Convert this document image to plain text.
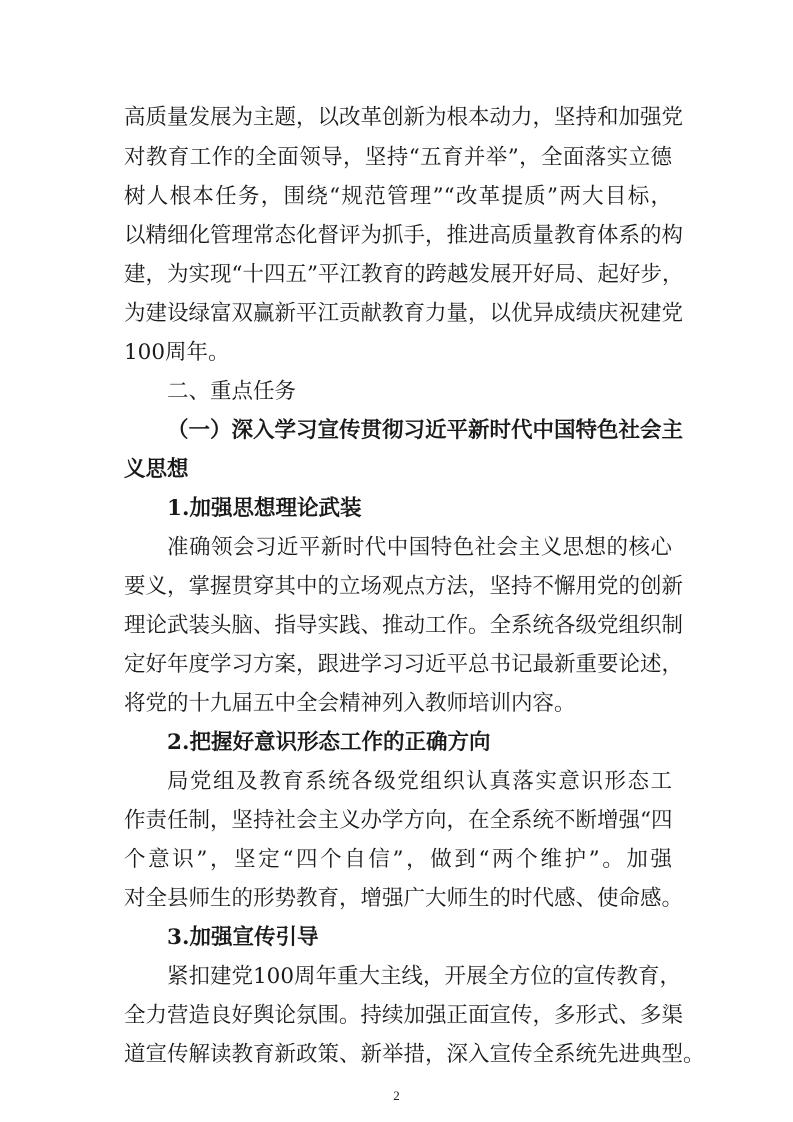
高质量发展为主题，以改革创新为根本动力，坚持和加强党
对教育工作的全面领导，坚持“五育并举”，全面落实立德
树人根本任务，围绕“规范管理”“改革提质”两大目标，
以精细化管理常态化督评为抓手，推进高质量教育体系的构
建，为实现“十四五”平江教育的跨越发展开好局、起好步，
为建设绿富双赢新平江贡献教育力量，以优异成绩庆祝建党
100周年。
二、重点任务
（一）深入学习宣传贯彻习近平新时代中国特色社会主
义思想
1.加强思想理论武装
准确领会习近平新时代中国特色社会主义思想的核心
要义，掌握贯穿其中的立场观点方法，坚持不懈用党的创新
理论武装头脑、指导实践、推动工作。全系统各级党组织制
定好年度学习方案，跟进学习习近平总书记最新重要论述，
将党的十九届五中全会精神列入教师培训内容。
2.把握好意识形态工作的正确方向
局党组及教育系统各级党组织认真落实意识形态工
作责任制，坚持社会主义办学方向，在全系统不断增强“四
个意识”，坚定“四个自信”，做到“两个维护”。加强
对全县师生的形势教育，增强广大师生的时代感、使命感。
3.加强宣传引导
紧扣建党100周年重大主线，开展全方位的宣传教育，
全力营造良好舆论氛围。持续加强正面宣传，多形式、多渠
道宣传解读教育新政策、新举措，深入宣传全系统先进典型。
2
